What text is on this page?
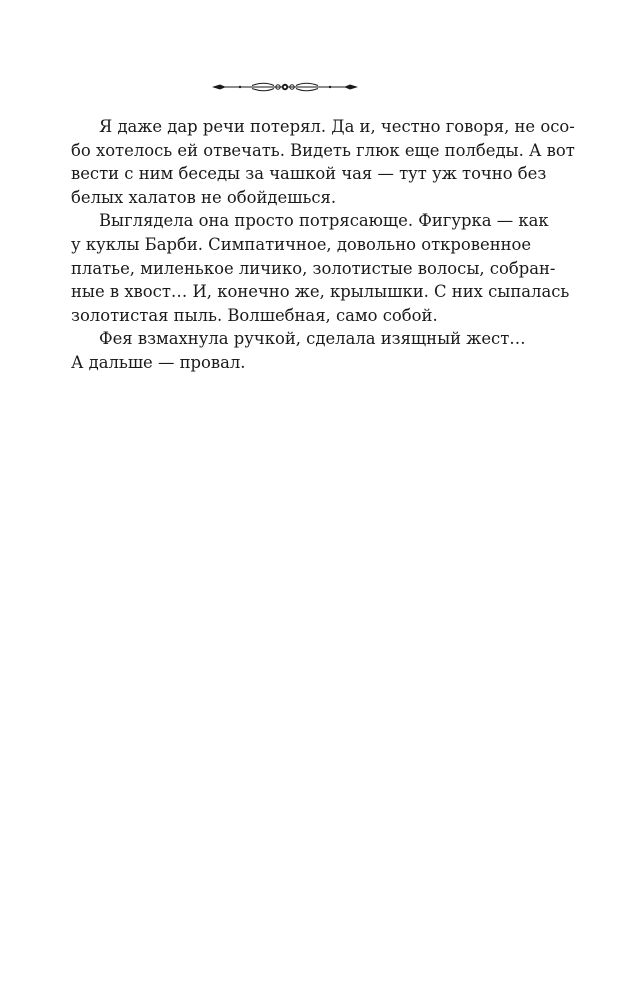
Я даже дар речи потерял. Да и, честно говоря, не осо-
бо хотелось ей отвечать. Видеть глюк еще полбеды. А вот
вести с ним беседы за чашкой чая — тут уж точно без
белых халатов не обойдешься.
Выглядела она просто потрясающе. Фигурка — как
у куклы Барби. Симпатичное, довольно откровенное
платье, миленькое личико, золотистые волосы, собран-
ные в хвост… И, конечно же, крылышки. С них сыпалась
золотистая пыль. Волшебная, само собой.
Фея взмахнула ручкой, сделала изящный жест…
А дальше — провал.
